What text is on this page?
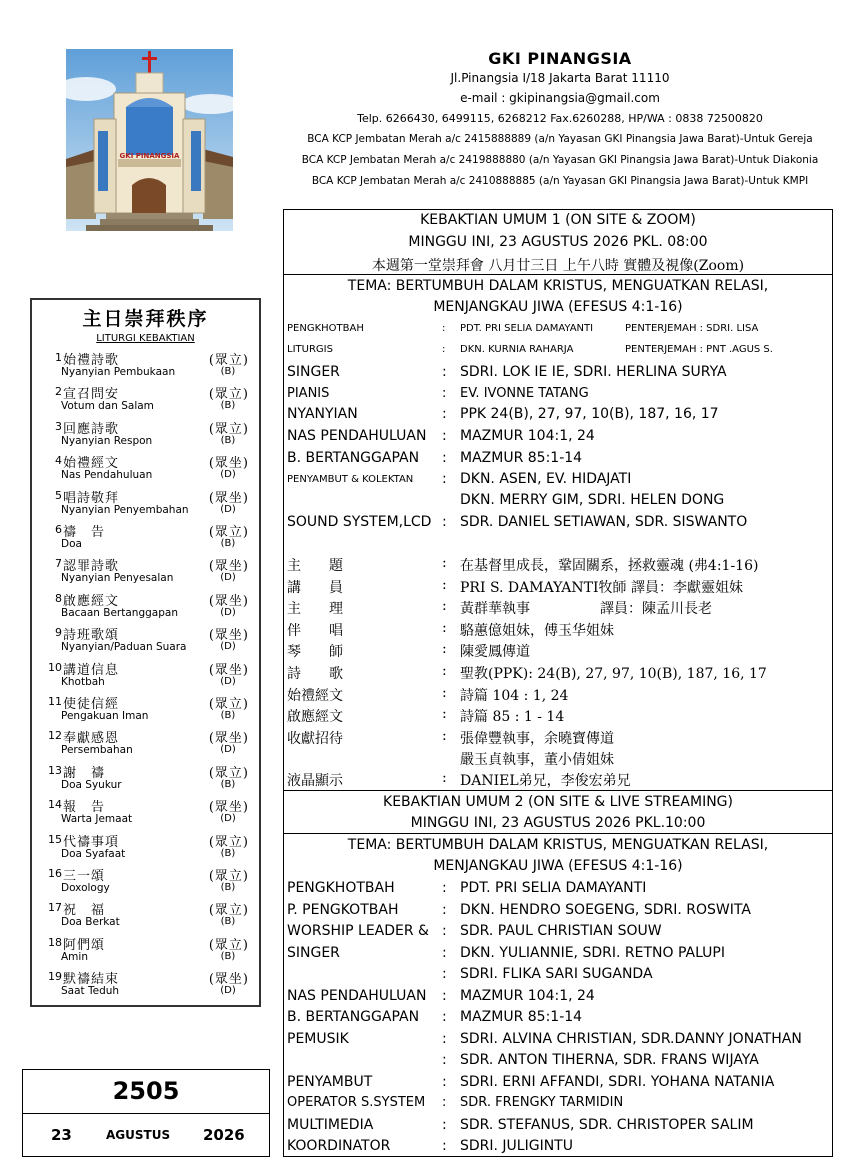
GKI PINANGSIA
GKI PINANGSIA
Jl.Pinangsia I/18 Jakarta Barat 11110
e-mail : gkipinangsia@gmail.com
Telp. 6266430, 6499115, 6268212 Fax.6260288, HP/WA : 0838 72500820
BCA KCP Jembatan Merah a/c 2415888889 (a/n Yayasan GKI Pinangsia Jawa Barat)-Untuk Gereja
BCA KCP Jembatan Merah a/c 2419888880 (a/n Yayasan GKI Pinangsia Jawa Barat)-Untuk Diakonia
BCA KCP Jembatan Merah a/c 2410888885 (a/n Yayasan GKI Pinangsia Jawa Barat)-Untuk KMPI
主日崇拜秩序
LITURGI KEBAKTIAN
1 始禮詩歌	(眾立)
Nyanyian Pembukaan	(B)
2 宣召問安	(眾立)
Votum dan Salam	(B)
3 回應詩歌	(眾立)
Nyanyian Respon	(B)
4 始禮經文	(眾坐)
Nas Pendahuluan	(D)
5 唱詩敬拜	(眾坐)
Nyanyian Penyembahan	(D)
6 禱　告	(眾立)
Doa	(B)
7 認罪詩歌	(眾坐)
Nyanyian Penyesalan	(D)
8 啟應經文	(眾坐)
Bacaan Bertanggapan	(D)
9 詩班歌頌	(眾坐)
Nyanyian/Paduan Suara	(D)
10 講道信息	(眾坐)
Khotbah	(D)
11 使徒信經	(眾立)
Pengakuan Iman	(B)
12 奉獻感恩	(眾坐)
Persembahan	(D)
13 謝　禱	(眾立)
Doa Syukur	(B)
14 報　告	(眾坐)
Warta Jemaat	(D)
15 代禱事項	(眾立)
Doa Syafaat	(B)
16 三一頌	(眾立)
Doxology	(B)
17 祝　福	(眾立)
Doa Berkat	(B)
18 阿們頌	(眾立)
Amin	(B)
19 默禱結束	(眾坐)
Saat Teduh	(D)
2505
23	AGUSTUS 2026
KEBAKTIAN UMUM 1 (ON SITE & ZOOM)
MINGGU INI, 23 AGUSTUS 2026 PKL. 08:00
本週第一堂崇拜會 八月廿三日 上午八時 實體及視像(Zoom)
TEMA: BERTUMBUH DALAM KRISTUS, MENGUATKAN RELASI,
MENJANGKAU JIWA (EFESUS 4:1-16)
PENGKHOTBAH	: PDT. PRI SELIA DAMAYANTI	PENTERJEMAH : SDRI. LISA
LITURGIS	: DKN. KURNIA RAHARJA	PENTERJEMAH : PNT .AGUS S.
SINGER	: SDRI. LOK IE IE, SDRI. HERLINA SURYA
PIANIS	: EV. IVONNE TATANG
NYANYIAN	: PPK 24(B), 27, 97, 10(B), 187, 16, 17
NAS PENDAHULUAN : MAZMUR 104:1, 24
B. BERTANGGAPAN : MAZMUR 85:1-14
PENYAMBUT & KOLEKTAN : DKN. ASEN, EV. HIDAJATI
DKN. MERRY GIM, SDRI. HELEN DONG
SOUND SYSTEM,LCD : SDR. DANIEL SETIAWAN, SDR. SISWANTO
主　　題	: 在基督里成長，鞏固關系，拯救靈魂 (弗4:1-16)
講　　員	: PRI S. DAMAYANTI牧師 譯員：李獻靈姐妹
主　　理	: 黃群華執事　　　　　譯員：陳孟川長老
伴　　唱	: 駱蕙億姐妹，傅玉华姐妹
琴　　師	: 陳愛鳳傳道
詩　　歌	: 聖教(PPK): 24(B), 27, 97, 10(B), 187, 16, 17
始禮經文	: 詩篇 104 : 1, 24
啟應經文	: 詩篇 85 : 1 - 14
收獻招待	: 張偉豐執事，余曉寶傳道
嚴玉貞執事，董小倩姐妹
液晶顯示	: DANIEL弟兄，李俊宏弟兄
KEBAKTIAN UMUM 2 (ON SITE & LIVE STREAMING)
MINGGU INI, 23 AGUSTUS 2026 PKL.10:00
TEMA: BERTUMBUH DALAM KRISTUS, MENGUATKAN RELASI,
MENJANGKAU JIWA (EFESUS 4:1-16)
PENGKHOTBAH	: PDT. PRI SELIA DAMAYANTI
P. PENGKOTBAH	: DKN. HENDRO SOEGENG, SDRI. ROSWITA
WORSHIP LEADER & : SDR. PAUL CHRISTIAN SOUW
SINGER	: DKN. YULIANNIE, SDRI. RETNO PALUPI
: SDRI. FLIKA SARI SUGANDA
NAS PENDAHULUAN : MAZMUR 104:1, 24
B. BERTANGGAPAN : MAZMUR 85:1-14
PEMUSIK	: SDRI. ALVINA CHRISTIAN, SDR.DANNY JONATHAN
: SDR. ANTON TIHERNA, SDR. FRANS WIJAYA
PENYAMBUT	: SDRI. ERNI AFFANDI, SDRI. YOHANA NATANIA
OPERATOR S.SYSTEM : SDR. FRENGKY TARMIDIN
MULTIMEDIA	: SDR. STEFANUS, SDR. CHRISTOPER SALIM
KOORDINATOR	: SDRI. JULIGINTU
